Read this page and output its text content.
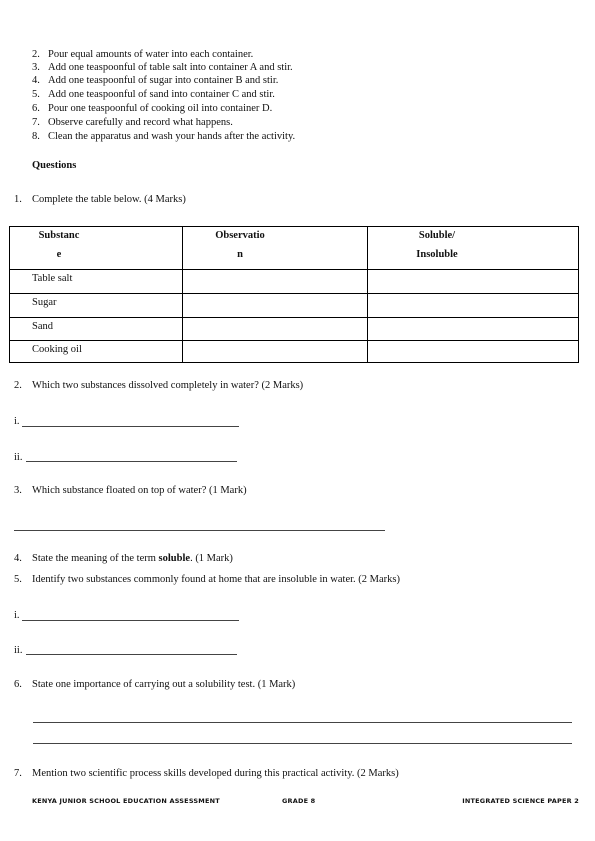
2. Pour equal amounts of water into each container.
3. Add one teaspoonful of table salt into container A and stir.
4. Add one teaspoonful of sugar into container B and stir.
5. Add one teaspoonful of sand into container C and stir.
6. Pour one teaspoonful of cooking oil into container D.
7. Observe carefully and record what happens.
8. Clean the apparatus and wash your hands after the activity.
Questions
1. Complete the table below. (4 Marks)
Substanc
e
Observatio
n
Soluble/
Insoluble
Table salt
Sugar
Sand
Cooking oil
2. Which two substances dissolved completely in water? (2 Marks)
i.
ii.
3. Which substance floated on top of water? (1 Mark)
4. State the meaning of the term soluble. (1 Mark)
5. Identify two substances commonly found at home that are insoluble in water. (2 Marks)
i.
ii.
6. State one importance of carrying out a solubility test. (1 Mark)
7. Mention two scientific process skills developed during this practical activity. (2 Marks)
KENYA JUNIOR SCHOOL EDUCATION ASSESSMENT	GRADE 8	INTEGRATED SCIENCE PAPER 2
